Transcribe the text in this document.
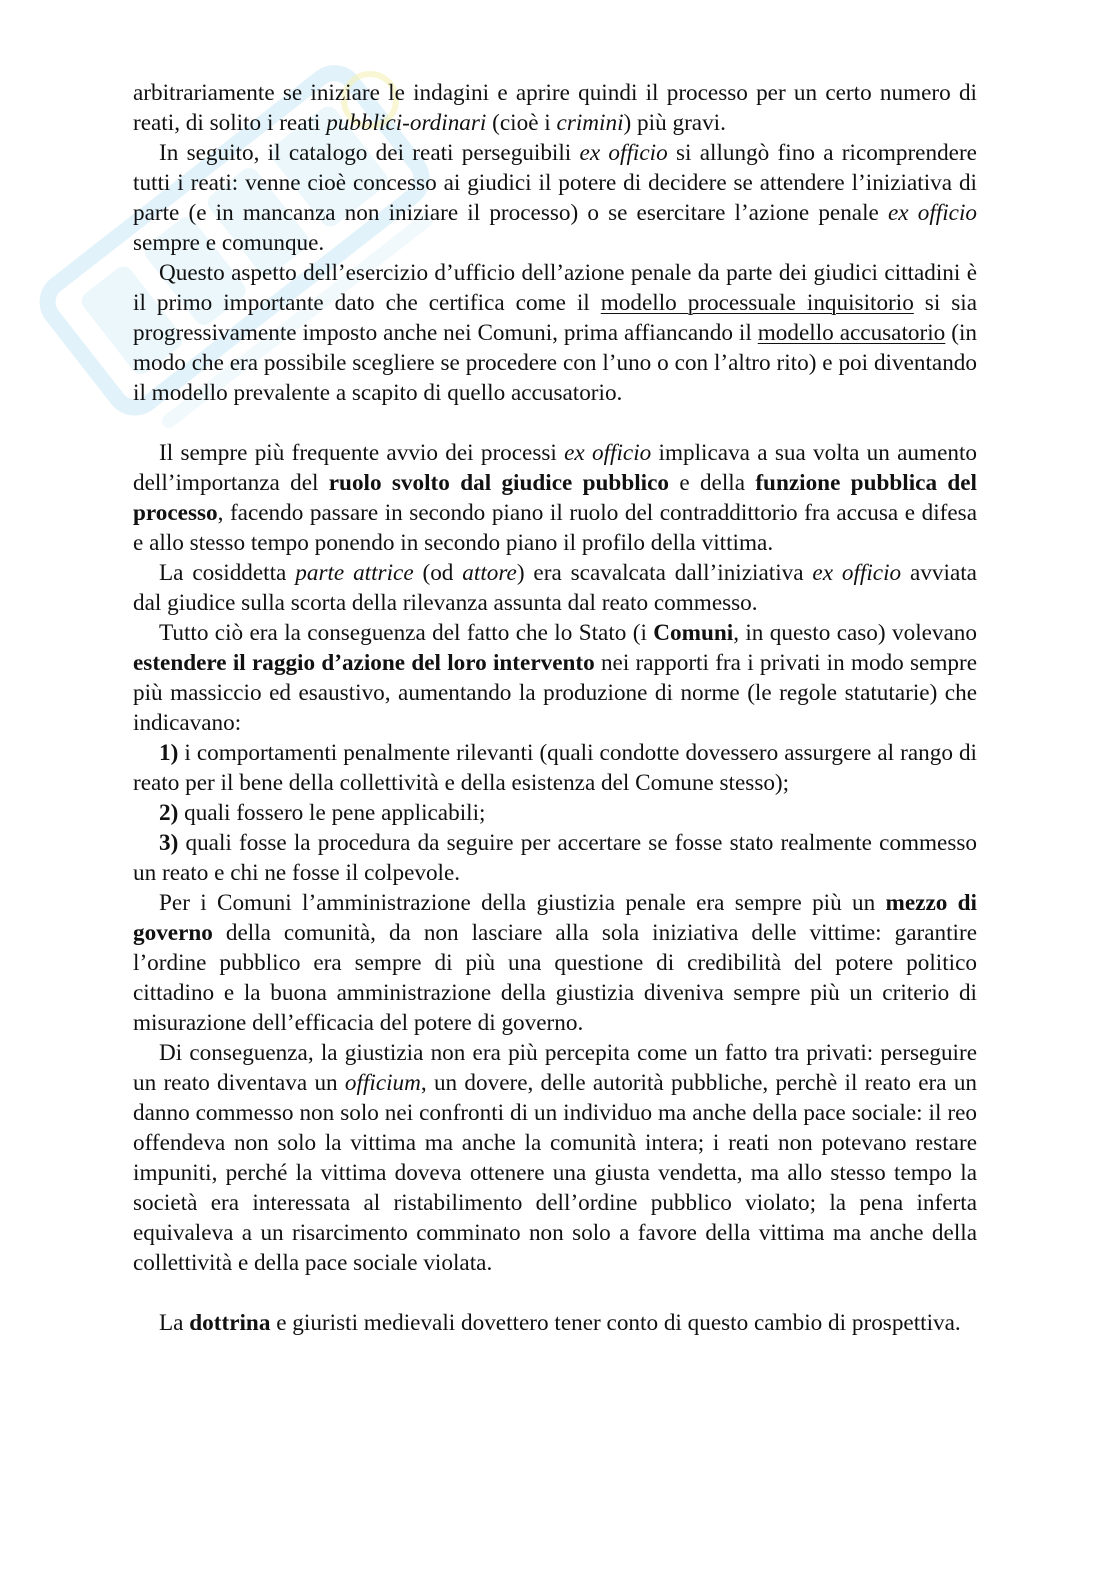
arbitrariamente se iniziare le indagini e aprire quindi il processo per un certo numero di reati, di solito i reati pubblici-ordinari (cioè i crimini) più gravi.

In seguito, il catalogo dei reati perseguibili ex officio si allungò fino a ricomprendere tutti i reati: venne cioè concesso ai giudici il potere di decidere se attendere l’iniziativa di parte (e in mancanza non iniziare il processo) o se esercitare l’azione penale ex officio sempre e comunque.

Questo aspetto dell’esercizio d’ufficio dell’azione penale da parte dei giudici cittadini è il primo importante dato che certifica come il modello processuale inquisitorio si sia progressivamente imposto anche nei Comuni, prima affiancando il modello accusatorio (in modo che era possibile scegliere se procedere con l’uno o con l’altro rito) e poi diventando il modello prevalente a scapito di quello accusatorio.

Il sempre più frequente avvio dei processi ex officio implicava a sua volta un aumento dell’importanza del ruolo svolto dal giudice pubblico e della funzione pubblica del processo, facendo passare in secondo piano il ruolo del contraddittorio fra accusa e difesa e allo stesso tempo ponendo in secondo piano il profilo della vittima.

La cosiddetta parte attrice (od attore) era scavalcata dall’iniziativa ex officio avviata dal giudice sulla scorta della rilevanza assunta dal reato commesso.

Tutto ciò era la conseguenza del fatto che lo Stato (i Comuni, in questo caso) volevano estendere il raggio d’azione del loro intervento nei rapporti fra i privati in modo sempre più massiccio ed esaustivo, aumentando la produzione di norme (le regole statutarie) che indicavano:

1) i comportamenti penalmente rilevanti (quali condotte dovessero assurgere al rango di reato per il bene della collettività e della esistenza del Comune stesso);

2) quali fossero le pene applicabili;

3) quali fosse la procedura da seguire per accertare se fosse stato realmente commesso un reato e chi ne fosse il colpevole.

Per i Comuni l’amministrazione della giustizia penale era sempre più un mezzo di governo della comunità, da non lasciare alla sola iniziativa delle vittime: garantire l’ordine pubblico era sempre di più una questione di credibilità del potere politico cittadino e la buona amministrazione della giustizia diveniva sempre più un criterio di misurazione dell’efficacia del potere di governo.

Di conseguenza, la giustizia non era più percepita come un fatto tra privati: perseguire un reato diventava un officium, un dovere, delle autorità pubbliche, perchè il reato era un danno commesso non solo nei confronti di un individuo ma anche della pace sociale: il reo offendeva non solo la vittima ma anche la comunità intera; i reati non potevano restare impuniti, perché la vittima doveva ottenere una giusta vendetta, ma allo stesso tempo la società era interessata al ristabilimento dell’ordine pubblico violato; la pena inferta equivaleva a un risarcimento comminato non solo a favore della vittima ma anche della collettività e della pace sociale violata.

La dottrina e giuristi medievali dovettero tener conto di questo cambio di prospettiva.
